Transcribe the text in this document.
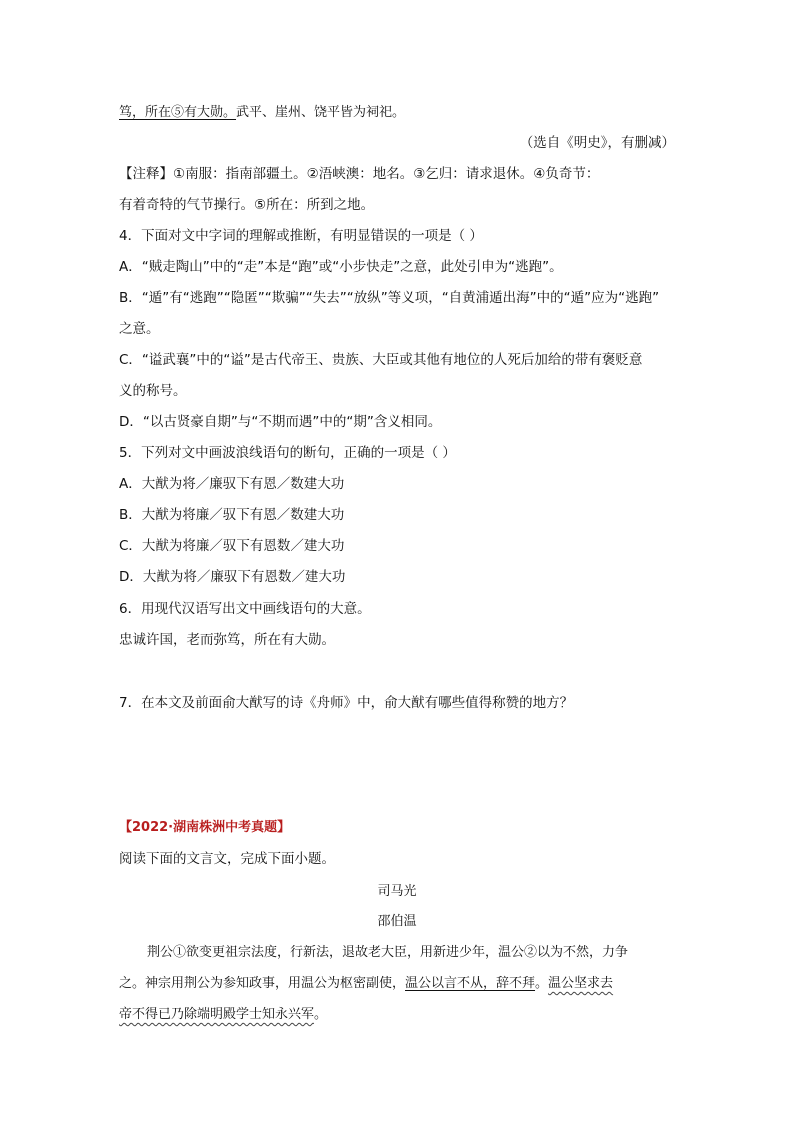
笃，所在⑤有大勋。武平、崖州、饶平皆为祠祀。
（选自《明史》，有删减）
【注释】①南服：指南部疆土。②浯峡澳：地名。③乞归：请求退休。④负奇节：
有着奇特的气节操行。⑤所在：所到之地。
4．下面对文中字词的理解或推断，有明显错误的一项是（ ）
A．“贼走陶山”中的“走”本是“跑”或“小步快走”之意，此处引申为“逃跑”。
B．“遁”有“逃跑”“隐匿”“欺骗”“失去”“放纵”等义项，“自黄浦遁出海”中的“遁”应为“逃跑”
之意。
C．“谥武襄”中的“谥”是古代帝王、贵族、大臣或其他有地位的人死后加给的带有褒贬意
义的称号。
D．“以古贤豪自期”与“不期而遇”中的“期”含义相同。
5．下列对文中画波浪线语句的断句，正确的一项是（ ）
A．大猷为将／廉驭下有恩／数建大功
B．大猷为将廉／驭下有恩／数建大功
C．大猷为将廉／驭下有恩数／建大功
D．大猷为将／廉驭下有恩数／建大功
6．用现代汉语写出文中画线语句的大意。
忠诚许国，老而弥笃，所在有大勋。
7．在本文及前面俞大猷写的诗《舟师》中，俞大猷有哪些值得称赞的地方？
【2022·湖南株洲中考真题】
阅读下面的文言文，完成下面小题。
司马光
邵伯温
荆公①欲变更祖宗法度，行新法，退故老大臣，用新进少年，温公②以为不然，力争
之。神宗用荆公为参知政事，用温公为枢密副使，温公以言不从，辞不拜。温公坚求去
帝不得已乃除端明殿学士知永兴军。
